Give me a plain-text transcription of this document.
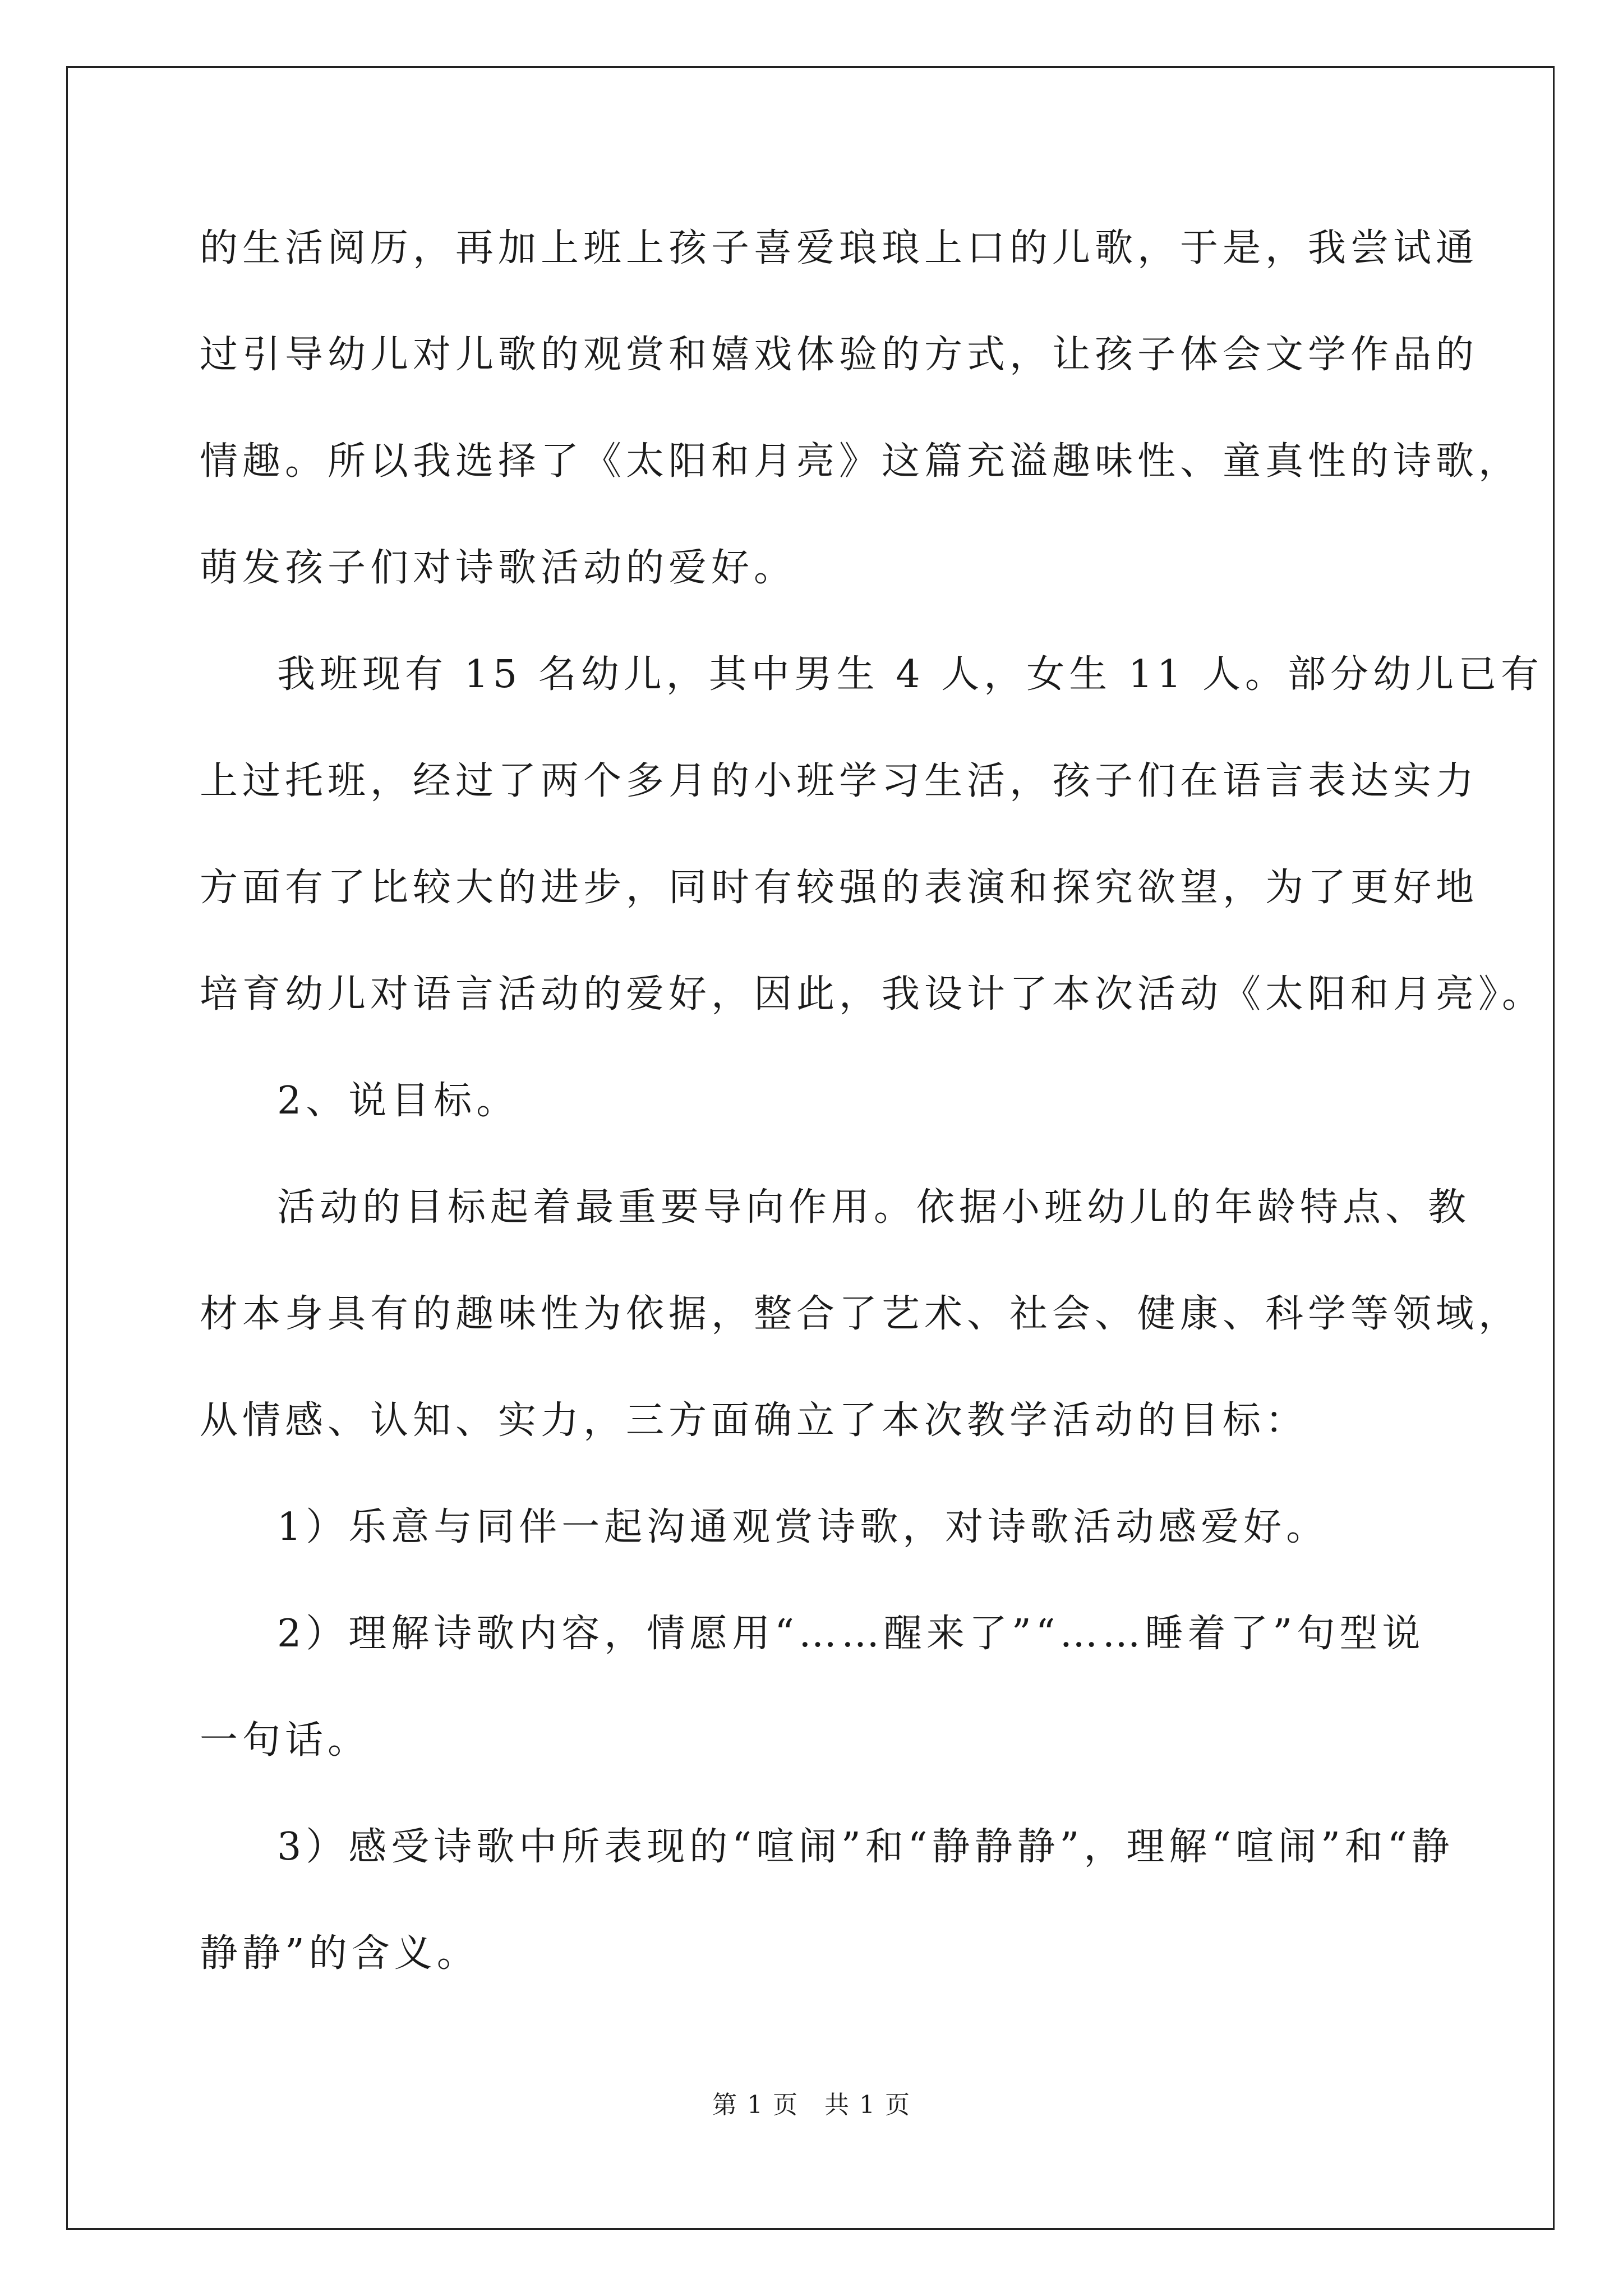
的生活阅历，再加上班上孩子喜爱琅琅上口的儿歌，于是，我尝试通
过引导幼儿对儿歌的观赏和嬉戏体验的方式，让孩子体会文学作品的
情趣。所以我选择了《太阳和月亮》这篇充溢趣味性、童真性的诗歌，
萌发孩子们对诗歌活动的爱好。
我班现有 15 名幼儿，其中男生 4 人，女生 11 人。部分幼儿已有
上过托班，经过了两个多月的小班学习生活，孩子们在语言表达实力
方面有了比较大的进步，同时有较强的表演和探究欲望，为了更好地
培育幼儿对语言活动的爱好，因此，我设计了本次活动《太阳和月亮》。
2、说目标。
活动的目标起着最重要导向作用。依据小班幼儿的年龄特点、教
材本身具有的趣味性为依据，整合了艺术、社会、健康、科学等领域，
从情感、认知、实力，三方面确立了本次教学活动的目标：
1）乐意与同伴一起沟通观赏诗歌，对诗歌活动感爱好。
2）理解诗歌内容，情愿用“……醒来了”“……睡着了”句型说
一句话。
3）感受诗歌中所表现的“喧闹”和“静静静”，理解“喧闹”和“静
静静”的含义。
第 1 页　共 1 页
